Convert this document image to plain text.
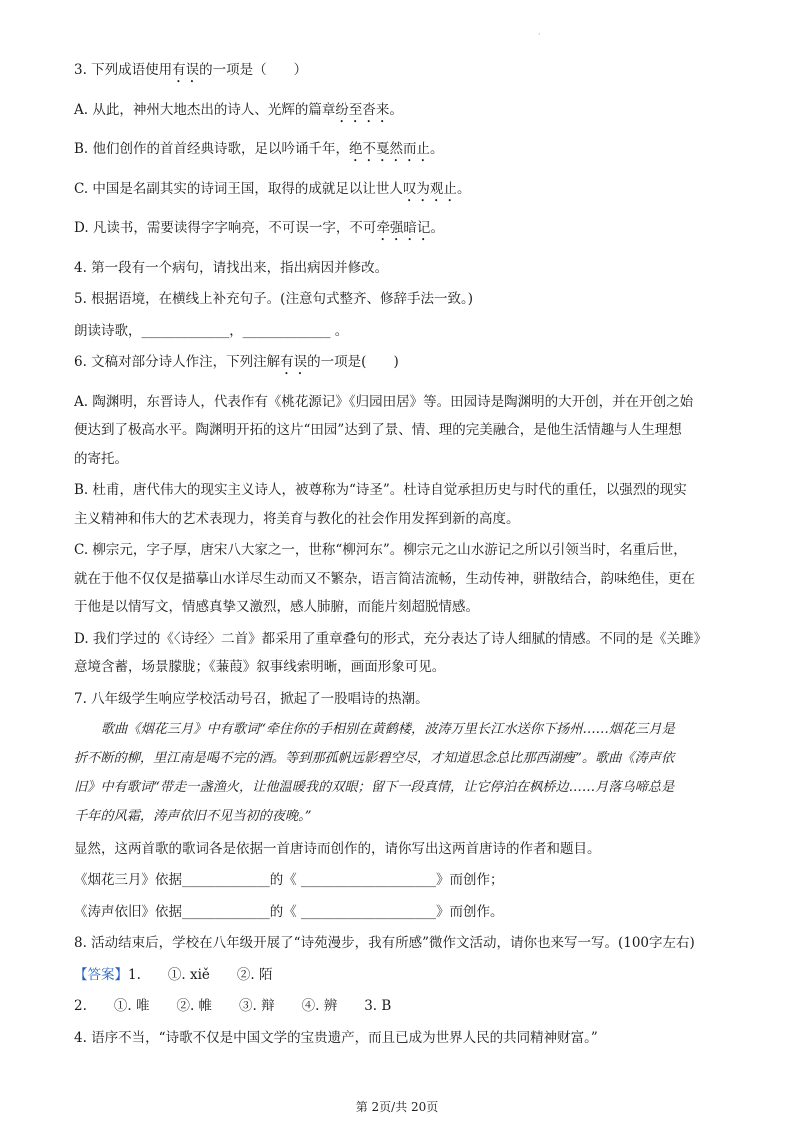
·

3. 下列成语使用有误的一项是（　　）

A. 从此，神州大地杰出的诗人、光辉的篇章纷至沓来。

B. 他们创作的首首经典诗歌，足以吟诵千年，绝不戛然而止。

C. 中国是名副其实的诗词王国，取得的成就足以让世人叹为观止。

D. 凡读书，需要读得字字响亮，不可误一字，不可牵强暗记。

4. 第一段有一个病句，请找出来，指出病因并修改。

5. 根据语境，在横线上补充句子。(注意句式整齐、修辞手法一致。)

朗读诗歌，_____________，_____________ 。

6. 文稿对部分诗人作注，下列注解有误的一项是(　　)

A. 陶渊明，东晋诗人，代表作有《桃花源记》《归园田居》等。田园诗是陶渊明的大开创，并在开创之始
便达到了极高水平。陶渊明开拓的这片“田园”达到了景、情、理的完美融合，是他生活情趣与人生理想
的寄托。
B. 杜甫，唐代伟大的现实主义诗人，被尊称为“诗圣”。杜诗自觉承担历史与时代的重任，以强烈的现实
主义精神和伟大的艺术表现力，将美育与教化的社会作用发挥到新的高度。
C. 柳宗元，字子厚，唐宋八大家之一，世称“柳河东”。柳宗元之山水游记之所以引领当时，名重后世，
就在于他不仅仅是描摹山水详尽生动而又不繁杂，语言简洁流畅，生动传神，骈散结合，韵味绝佳，更在
于他是以情写文，情感真挚又激烈，感人肺腑，而能片刻超脱情感。
D. 我们学过的《〈诗经〉二首》都采用了重章叠句的形式，充分表达了诗人细腻的情感。不同的是《关雎》
意境含蓄，场景朦胧；《蒹葭》叙事线索明晰，画面形象可见。

7. 八年级学生响应学校活动号召，掀起了一股唱诗的热潮。

歌曲《烟花三月》中有歌词“牵住你的手相别在黄鹤楼，波涛万里长江水送你下扬州……烟花三月是
折不断的柳，里江南是喝不完的酒。等到那孤帆远影碧空尽，才知道思念总比那西湖瘦”。歌曲《涛声依
旧》中有歌词“带走一盏渔火，让他温暖我的双眼；留下一段真情，让它停泊在枫桥边……月落乌啼总是
千年的风霜，涛声依旧不见当初的夜晚。”

显然，这两首歌的歌词各是依据一首唐诗而创作的，请你写出这两首唐诗的作者和题目。

《烟花三月》依据_____________的《 ____________________》而创作；

《涛声依旧》依据_____________的《 ____________________》而创作。

8. 活动结束后，学校在八年级开展了“诗苑漫步，我有所感”微作文活动，请你也来写一写。(100字左右)

【答案】1.　　①. xiě　　②. 陌

2.　　①. 唯　　②. 帷　　③. 辩　　④. 辨　　3. B

4. 语序不当，“诗歌不仅是中国文学的宝贵遗产，而且已成为世界人民的共同精神财富。”

第 2页/共 20页
